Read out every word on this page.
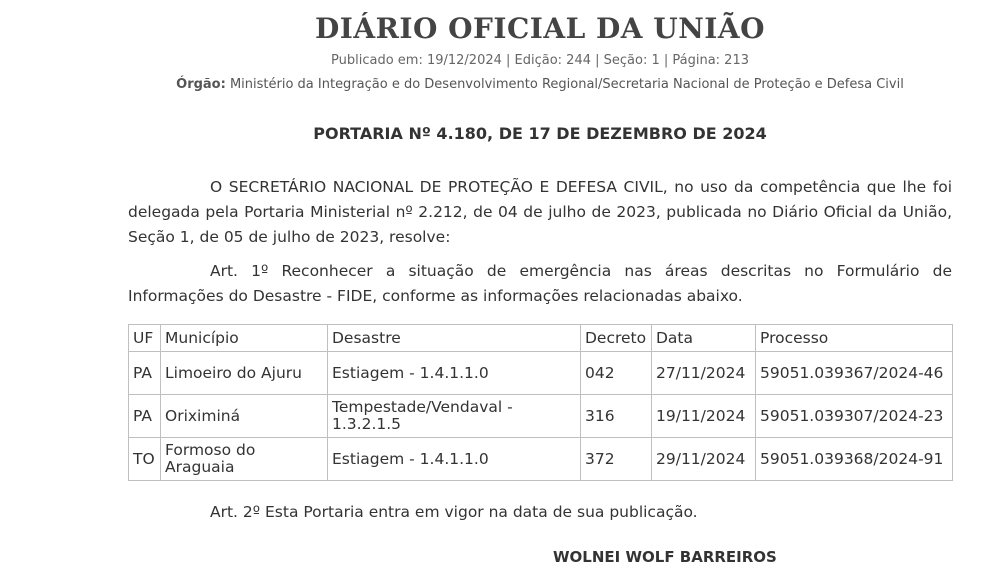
DIÁRIO OFICIAL DA UNIÃO
Publicado em: 19/12/2024 | Edição: 244 | Seção: 1 | Página: 213
Órgão: Ministério da Integração e do Desenvolvimento Regional/Secretaria Nacional de Proteção e Defesa Civil
PORTARIA Nº 4.180, DE 17 DE DEZEMBRO DE 2024

O SECRETÁRIO NACIONAL DE PROTEÇÃO E DEFESA CIVIL, no uso da competência que lhe foi delegada pela Portaria Ministerial nº 2.212, de 04 de julho de 2023, publicada no Diário Oficial da União, Seção 1, de 05 de julho de 2023, resolve:

Art. 1º Reconhecer a situação de emergência nas áreas descritas no Formulário de Informações do Desastre - FIDE, conforme as informações relacionadas abaixo.

UF	Município	Desastre	Decreto	Data	Processo
PA	Limoeiro do Ajuru	Estiagem - 1.4.1.1.0	042	27/11/2024	59051.039367/2024-46
PA	Oriximiná	Tempestade/Vendaval - 1.3.2.1.5	316	19/11/2024	59051.039307/2024-23
TO	Formoso do Araguaia	Estiagem - 1.4.1.1.0	372	29/11/2024	59051.039368/2024-91

Art. 2º Esta Portaria entra em vigor na data de sua publicação.

WOLNEI WOLF BARREIROS
